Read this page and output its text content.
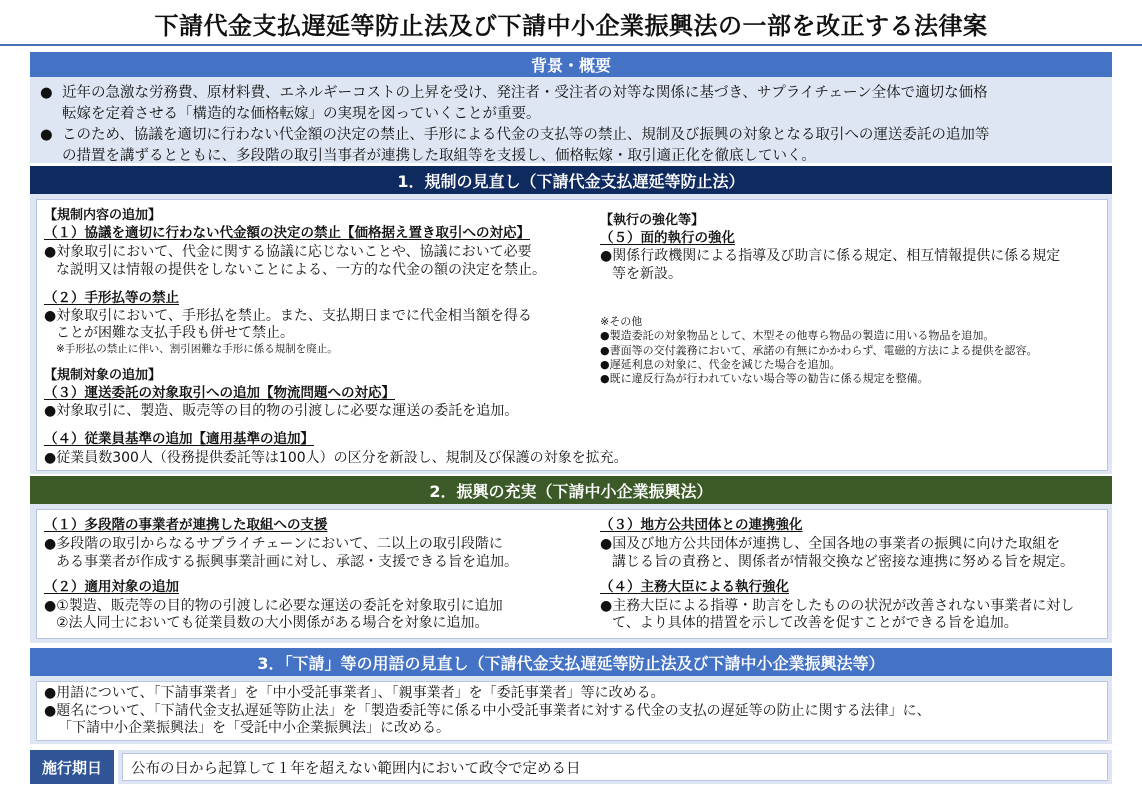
下請代金支払遅延等防止法及び下請中小企業振興法の一部を改正する法律案
背景・概要
● 近年の急激な労務費、原材料費、エネルギーコストの上昇を受け、発注者・受注者の対等な関係に基づき、サプライチェーン全体で適切な価格
転嫁を定着させる「構造的な価格転嫁」の実現を図っていくことが重要。
● このため、協議を適切に行わない代金額の決定の禁止、手形による代金の支払等の禁止、規制及び振興の対象となる取引への運送委託の追加等
の措置を講ずるとともに、多段階の取引当事者が連携した取組等を支援し、価格転嫁・取引適正化を徹底していく。
1．規制の見直し（下請代金支払遅延等防止法）
【規制内容の追加】
（１）協議を適切に行わない代金額の決定の禁止【価格据え置き取引への対応】
●対象取引において、代金に関する協議に応じないことや、協議において必要
な説明又は情報の提供をしないことによる、一方的な代金の額の決定を禁止。
（２）手形払等の禁止
●対象取引において、手形払を禁止。また、支払期日までに代金相当額を得る
ことが困難な支払手段も併せて禁止。
※手形払の禁止に伴い、割引困難な手形に係る規制を廃止。
【規制対象の追加】
（３）運送委託の対象取引への追加【物流問題への対応】
●対象取引に、製造、販売等の目的物の引渡しに必要な運送の委託を追加。
（４）従業員基準の追加【適用基準の追加】
●従業員数300人（役務提供委託等は100人）の区分を新設し、規制及び保護の対象を拡充。
【執行の強化等】
（５）面的執行の強化
●関係行政機関による指導及び助言に係る規定、相互情報提供に係る規定
等を新設。
※その他
●製造委託の対象物品として、木型その他専ら物品の製造に用いる物品を追加。
●書面等の交付義務において、承諾の有無にかかわらず、電磁的方法による提供を認容。
●遅延利息の対象に、代金を減じた場合を追加。
●既に違反行為が行われていない場合等の勧告に係る規定を整備。
2．振興の充実（下請中小企業振興法）
（１）多段階の事業者が連携した取組への支援
●多段階の取引からなるサプライチェーンにおいて、二以上の取引段階に
ある事業者が作成する振興事業計画に対し、承認・支援できる旨を追加。
（２）適用対象の追加
●①製造、販売等の目的物の引渡しに必要な運送の委託を対象取引に追加
②法人同士においても従業員数の大小関係がある場合を対象に追加。
（３）地方公共団体との連携強化
●国及び地方公共団体が連携し、全国各地の事業者の振興に向けた取組を
講じる旨の責務と、関係者が情報交換など密接な連携に努める旨を規定。
（４）主務大臣による執行強化
●主務大臣による指導・助言をしたものの状況が改善されない事業者に対し
て、より具体的措置を示して改善を促すことができる旨を追加。
3．「下請」等の用語の見直し（下請代金支払遅延等防止法及び下請中小企業振興法等）
●用語について、「下請事業者」を「中小受託事業者」、「親事業者」を「委託事業者」等に改める。
●題名について、「下請代金支払遅延等防止法」を「製造委託等に係る中小受託事業者に対する代金の支払の遅延等の防止に関する法律」に、
「下請中小企業振興法」を「受託中小企業振興法」に改める。
施行期日	公布の日から起算して１年を超えない範囲内において政令で定める日
